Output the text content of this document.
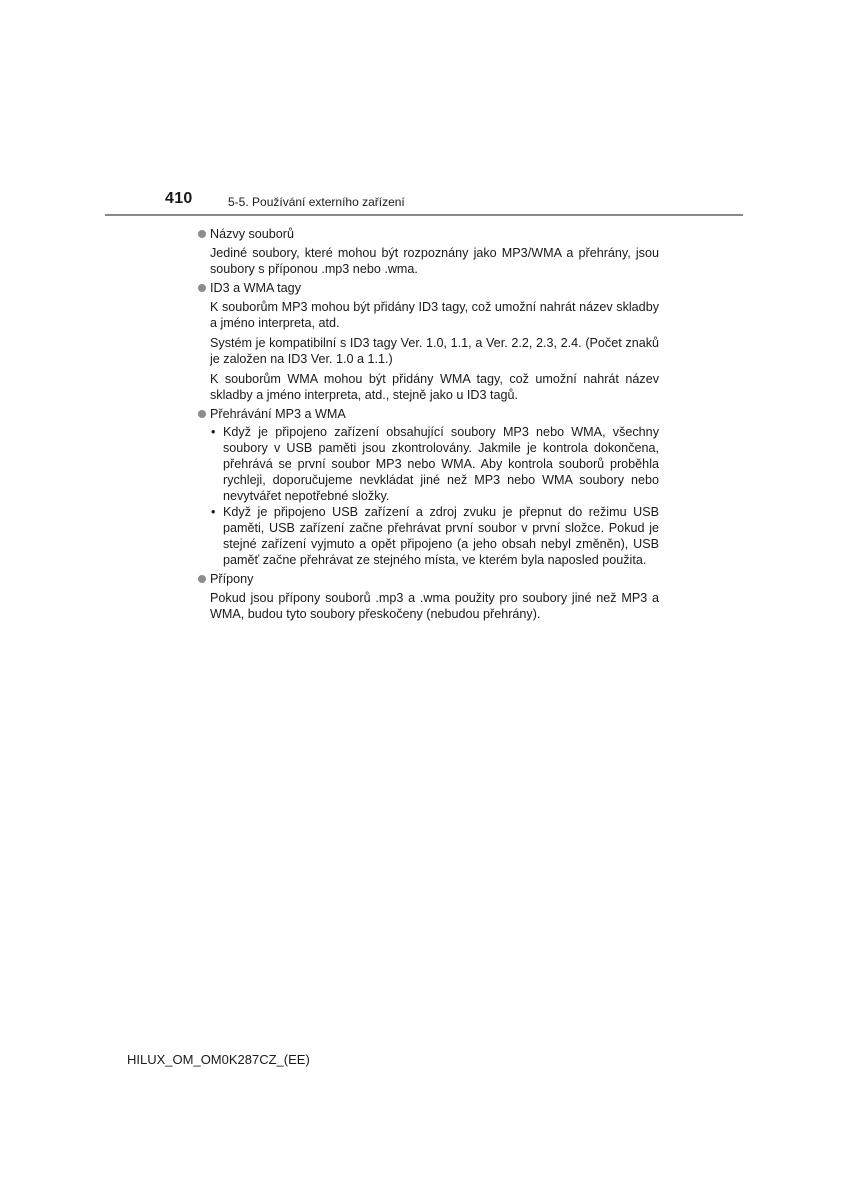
410	5-5. Používání externího zařízení
Názvy souborů

Jediné soubory, které mohou být rozpoznány jako MP3/WMA a přehrány, jsou soubory s příponou .mp3 nebo .wma.

ID3 a WMA tagy

K souborům MP3 mohou být přidány ID3 tagy, což umožní nahrát název skladby a jméno interpreta, atd.

Systém je kompatibilní s ID3 tagy Ver. 1.0, 1.1, a Ver. 2.2, 2.3, 2.4. (Počet znaků je založen na ID3 Ver. 1.0 a 1.1.)

K souborům WMA mohou být přidány WMA tagy, což umožní nahrát název skladby a jméno interpreta, atd., stejně jako u ID3 tagů.

Přehrávání MP3 a WMA
• Když je připojeno zařízení obsahující soubory MP3 nebo WMA, všechny soubory v USB paměti jsou zkontrolovány. Jakmile je kontrola dokončena, přehrává se první soubor MP3 nebo WMA. Aby kontrola souborů proběhla rychleji, doporučujeme nevkládat jiné než MP3 nebo WMA soubory nebo nevytvářet nepotřebné složky.
• Když je připojeno USB zařízení a zdroj zvuku je přepnut do režimu USB paměti, USB zařízení začne přehrávat první soubor v první složce. Pokud je stejné zařízení vyjmuto a opět připojeno (a jeho obsah nebyl změněn), USB paměť začne přehrávat ze stejného místa, ve kterém byla naposled použita.
Přípony

Pokud jsou přípony souborů .mp3 a .wma použity pro soubory jiné než MP3 a WMA, budou tyto soubory přeskočeny (nebudou přehrány).

HILUX_OM_OM0K287CZ_(EE)
